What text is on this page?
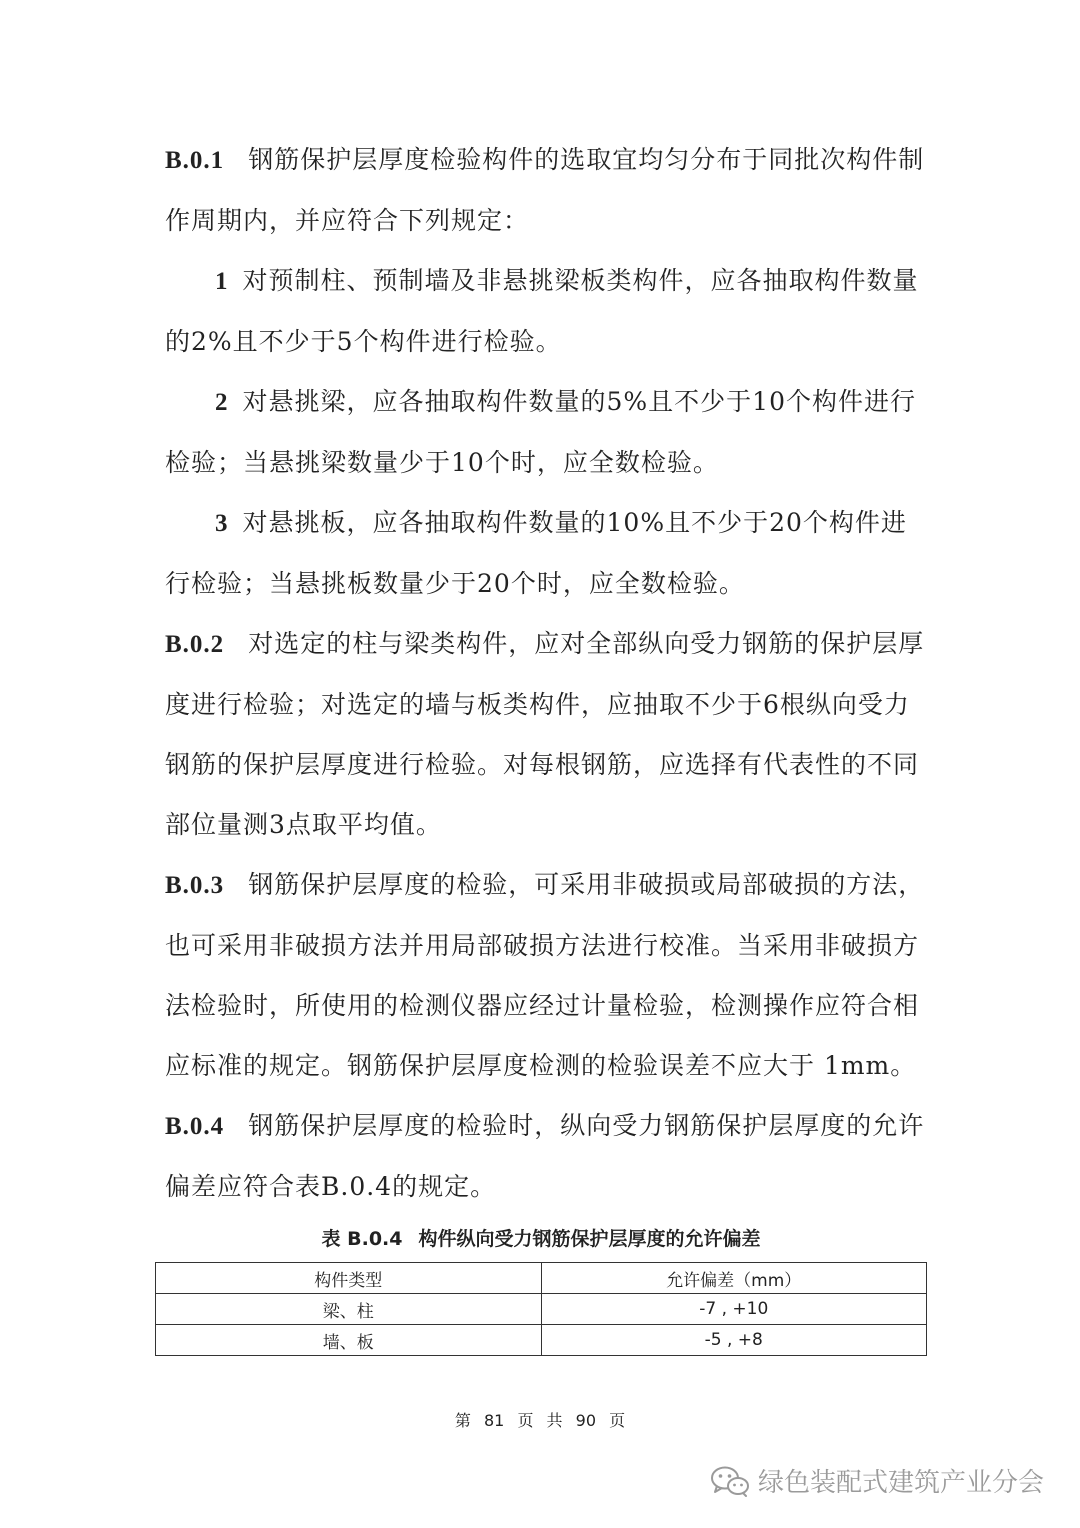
B.0.1 钢筋保护层厚度检验构件的选取宜均匀分布于同批次构件制作周期内，并应符合下列规定：

1 对预制柱、预制墙及非悬挑梁板类构件，应各抽取构件数量的2%且不少于5个构件进行检验。

2 对悬挑梁，应各抽取构件数量的5%且不少于10个构件进行检验；当悬挑梁数量少于10个时，应全数检验。

3 对悬挑板，应各抽取构件数量的10%且不少于20个构件进行检验；当悬挑板数量少于20个时，应全数检验。

B.0.2 对选定的柱与梁类构件，应对全部纵向受力钢筋的保护层厚度进行检验；对选定的墙与板类构件，应抽取不少于6根纵向受力钢筋的保护层厚度进行检验。对每根钢筋，应选择有代表性的不同部位量测3点取平均值。

B.0.3 钢筋保护层厚度的检验，可采用非破损或局部破损的方法，也可采用非破损方法并用局部破损方法进行校准。当采用非破损方法检验时，所使用的检测仪器应经过计量检验，检测操作应符合相应标准的规定。钢筋保护层厚度检测的检验误差不应大于 1mm。

B.0.4 钢筋保护层厚度的检验时，纵向受力钢筋保护层厚度的允许偏差应符合表B.0.4的规定。

表 B.0.4 构件纵向受力钢筋保护层厚度的允许偏差
构件类型	允许偏差（mm）
梁、柱	-7 , +10
墙、板	-5 , +8
第 81 页 共 90 页
绿色装配式建筑产业分会
